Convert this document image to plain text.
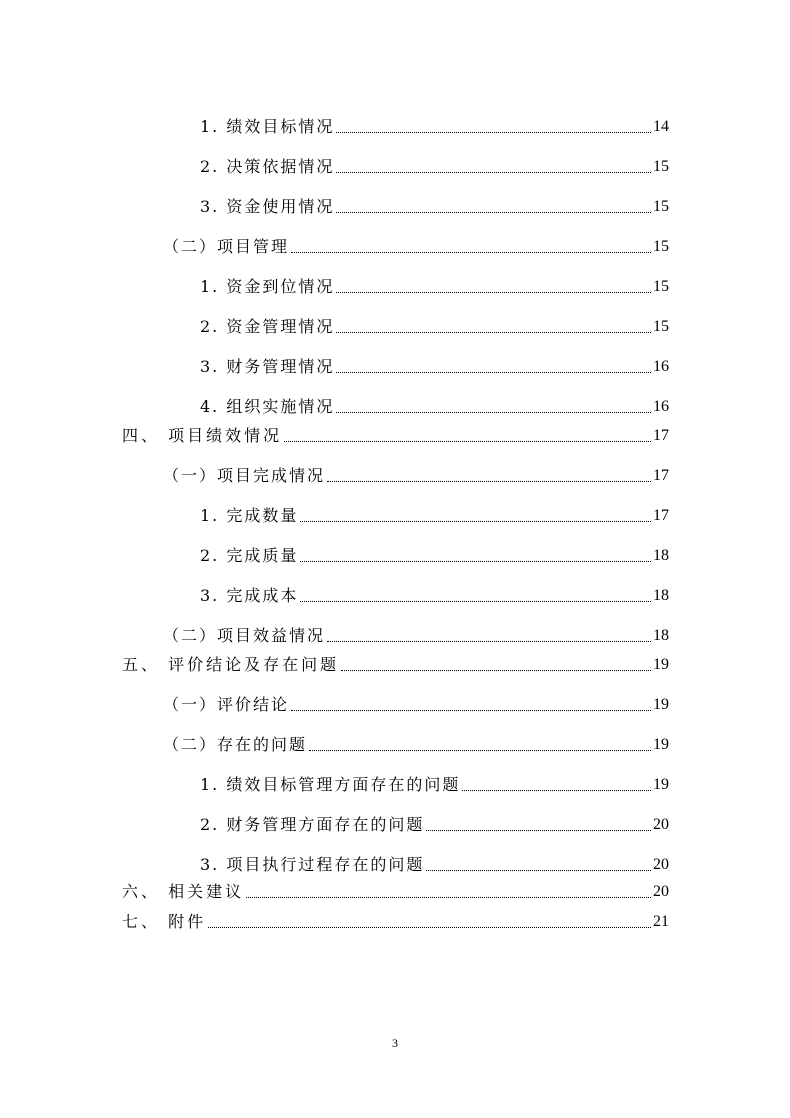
1. 绩效目标情况	14
2. 决策依据情况	15
3. 资金使用情况	15
（二）项目管理	15
1. 资金到位情况	15
2. 资金管理情况	15
3. 财务管理情况	16
4. 组织实施情况	16
四、 项目绩效情况	17
（一）项目完成情况	17
1. 完成数量	17
2. 完成质量	18
3. 完成成本	18
（二）项目效益情况	18
五、 评价结论及存在问题	19
（一）评价结论	19
（二）存在的问题	19
1. 绩效目标管理方面存在的问题	19
2. 财务管理方面存在的问题	20
3. 项目执行过程存在的问题	20
六、 相关建议	20
七、 附件	21
3
